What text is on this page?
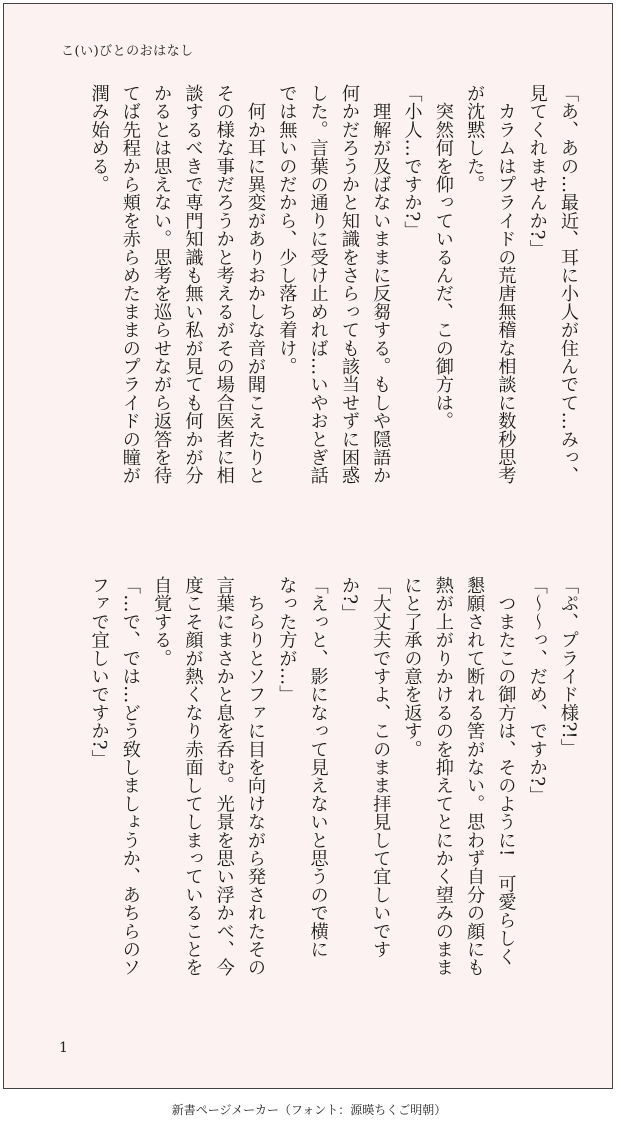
こ(い)びとのおはなし
「あ、あの…最近、耳に小人が住んでて…みっ、
見てくれませんか?」
　カラムはプライドの荒唐無稽な相談に数秒思考
が沈黙した。
　突然何を仰っているんだ、この御方は。
「小人…ですか?」
　理解が及ばないままに反芻する。もしや隠語か
何かだろうかと知識をさらっても該当せずに困惑
した。言葉の通りに受け止めれば…いやおとぎ話
では無いのだから、少し落ち着け。
　何か耳に異変がありおかしな音が聞こえたりと
その様な事だろうかと考えるがその場合医者に相
談するべきで専門知識も無い私が見ても何かが分
かるとは思えない。思考を巡らせながら返答を待
てば先程から頬を赤らめたままのプライドの瞳が
潤み始める。
「ぷ、プライド様?!」
「〜〜っ、だめ、ですか?」
　つまたこの御方は、そのように!　可愛らしく
懇願されて断れる筈がない。思わず自分の顔にも
熱が上がりかけるのを抑えてとにかく望みのまま
にと了承の意を返す。
「大丈夫ですよ、このまま拝見して宜しいです
か?」
「えっと、影になって見えないと思うので横に
なった方が…」
　ちらりとソファに目を向けながら発されたその
言葉にまさかと息を呑む。光景を思い浮かべ、今
度こそ顔が熱くなり赤面してしまっていることを
自覚する。
「…で、では…どう致しましょうか、あちらのソ
ファで宜しいですか?」
1
新書ページメーカー（フォント：源暎ちくご明朝）
